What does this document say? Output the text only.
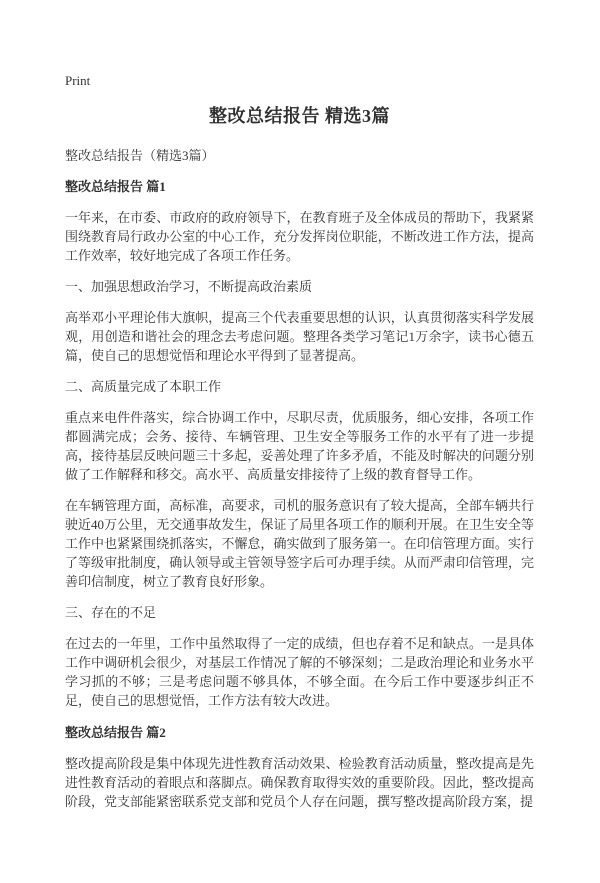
Print
整改总结报告 精选3篇
整改总结报告（精选3篇）
整改总结报告 篇1

一年来，在市委、市政府的政府领导下，在教育班子及全体成员的帮助下，我紧紧围绕教育局行政办公室的中心工作，充分发挥岗位职能，不断改进工作方法，提高工作效率，较好地完成了各项工作任务。

一、加强思想政治学习，不断提高政治素质

高举邓小平理论伟大旗帜，提高三个代表重要思想的认识，认真贯彻落实科学发展观，用创造和谐社会的理念去考虑问题。整理各类学习笔记1万余字，读书心德五篇，使自己的思想觉悟和理论水平得到了显著提高。

二、高质量完成了本职工作

重点来电件件落实，综合协调工作中，尽职尽责，优质服务，细心安排，各项工作都圆满完成；会务、接待、车辆管理、卫生安全等服务工作的水平有了进一步提高，接待基层反映问题三十多起，妥善处理了许多矛盾，不能及时解决的问题分别做了工作解释和移交。高水平、高质量安排接待了上级的教育督导工作。

在车辆管理方面，高标准，高要求，司机的服务意识有了较大提高，全部车辆共行驶近40万公里，无交通事故发生，保证了局里各项工作的顺利开展。在卫生安全等工作中也紧紧围绕抓落实，不懈怠，确实做到了服务第一。在印信管理方面。实行了等级审批制度，确认领导或主管领导签字后可办理手续。从而严肃印信管理，完善印信制度，树立了教育良好形象。

三、存在的不足

在过去的一年里，工作中虽然取得了一定的成绩，但也存着不足和缺点。一是具体工作中调研机会很少，对基层工作情况了解的不够深刻；二是政治理论和业务水平学习抓的不够；三是考虑问题不够具体，不够全面。在今后工作中要逐步纠正不足，使自己的思想觉悟，工作方法有较大改进。

整改总结报告 篇2

整改提高阶段是集中体现先进性教育活动效果、检验教育活动质量，整改提高是先进性教育活动的着眼点和落脚点。确保教育取得实效的重要阶段。因此，整改提高阶段，党支部能紧密联系党支部和党员个人存在问题，撰写整改提高阶段方案，提
